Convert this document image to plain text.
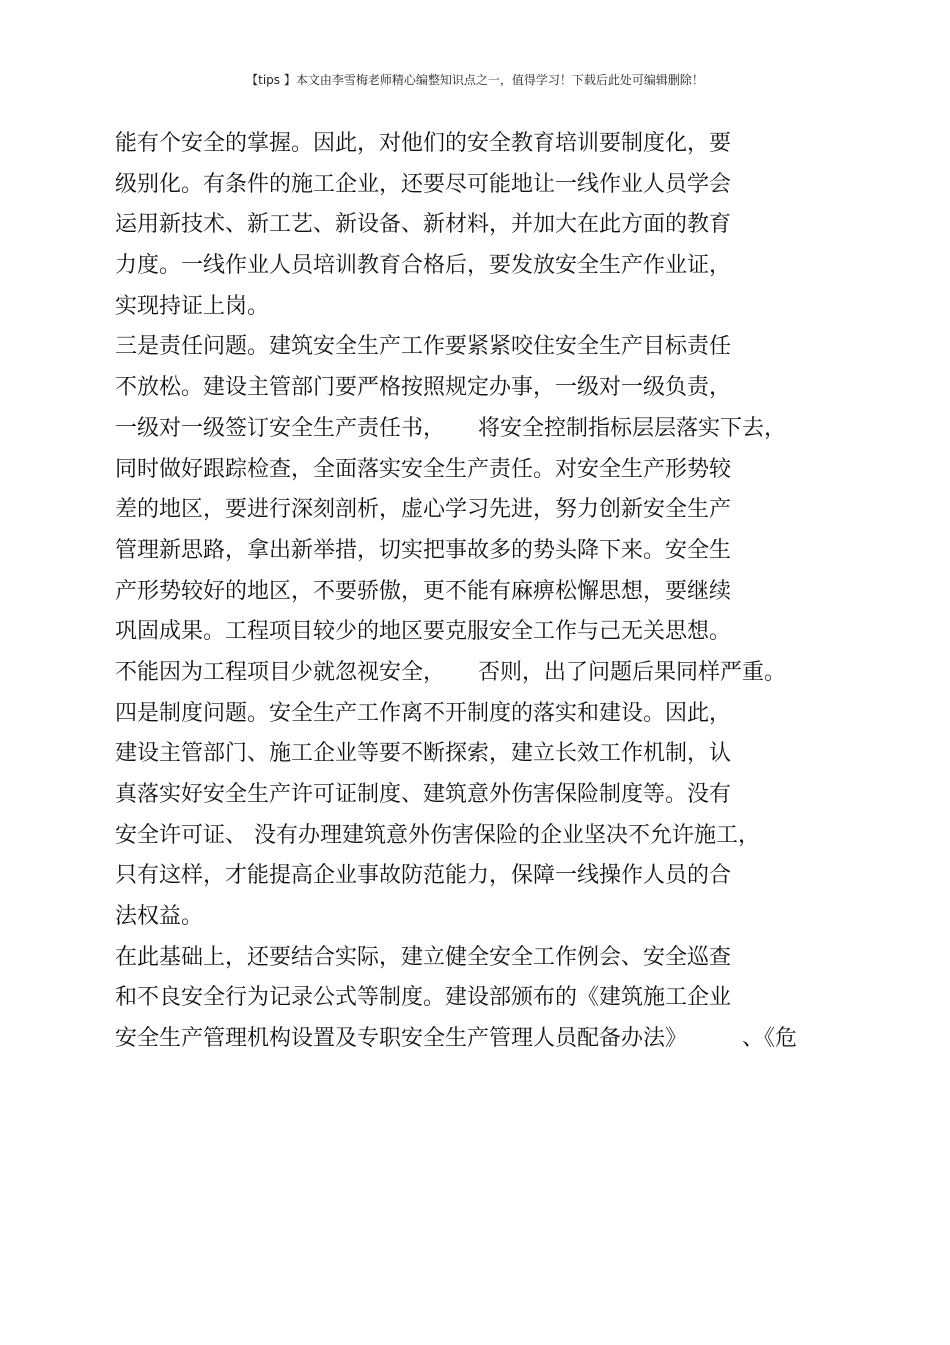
【tips 】本文由李雪梅老师精心编整知识点之一，值得学习！下载后此处可编辑删除！
能有个安全的掌握。因此，对他们的安全教育培训要制度化，要
级别化。有条件的施工企业，还要尽可能地让一线作业人员学会
运用新技术、新工艺、新设备、新材料，并加大在此方面的教育
力度。一线作业人员培训教育合格后，要发放安全生产作业证，
实现持证上岗。
三是责任问题。建筑安全生产工作要紧紧咬住安全生产目标责任
不放松。建设主管部门要严格按照规定办事，一级对一级负责，
一级对一级签订安全生产责任书，　　将安全控制指标层层落实下去，
同时做好跟踪检查，全面落实安全生产责任。对安全生产形势较
差的地区，要进行深刻剖析，虚心学习先进，努力创新安全生产
管理新思路，拿出新举措，切实把事故多的势头降下来。安全生
产形势较好的地区，不要骄傲，更不能有麻痹松懈思想，要继续
巩固成果。工程项目较少的地区要克服安全工作与己无关思想。
不能因为工程项目少就忽视安全，　　否则，出了问题后果同样严重。
四是制度问题。安全生产工作离不开制度的落实和建设。因此，
建设主管部门、施工企业等要不断探索，建立长效工作机制，认
真落实好安全生产许可证制度、建筑意外伤害保险制度等。没有
安全许可证、 没有办理建筑意外伤害保险的企业坚决不允许施工，
只有这样，才能提高企业事故防范能力，保障一线操作人员的合
法权益。
在此基础上，还要结合实际，建立健全安全工作例会、安全巡查
和不良安全行为记录公式等制度。建设部颁布的《建筑施工企业
安全生产管理机构设置及专职安全生产管理人员配备办法》　　　、《危
